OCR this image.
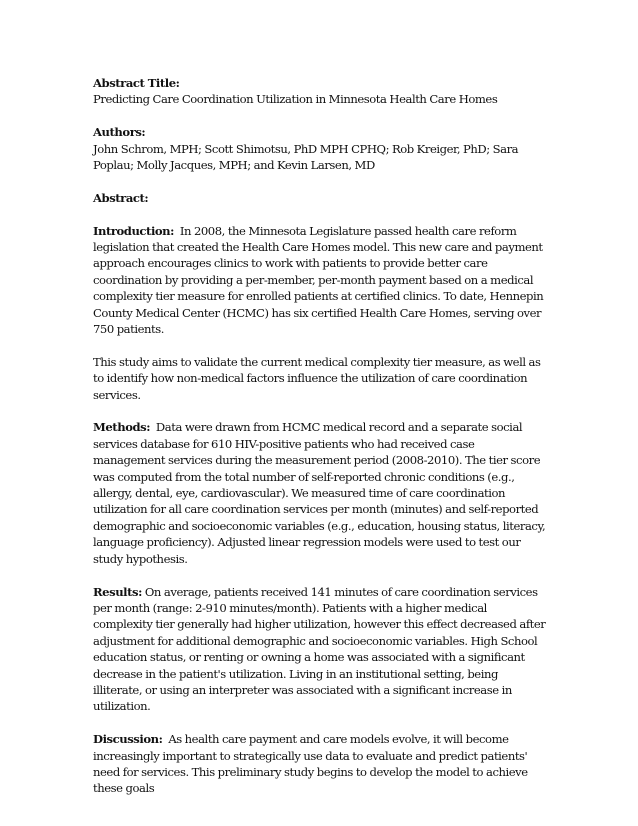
Abstract Title:

Predicting Care Coordination Utilization in Minnesota Health Care Homes

Authors:

John Schrom, MPH; Scott Shimotsu, PhD MPH CPHQ; Rob Kreiger, PhD; Sara Poplau; Molly Jacques, MPH; and Kevin Larsen, MD

Abstract:

Introduction: In 2008, the Minnesota Legislature passed health care reform legislation that created the Health Care Homes model. This new care and payment approach encourages clinics to work with patients to provide better care coordination by providing a per-member, per-month payment based on a medical complexity tier measure for enrolled patients at certified clinics. To date, Hennepin County Medical Center (HCMC) has six certified Health Care Homes, serving over 750 patients.

This study aims to validate the current medical complexity tier measure, as well as to identify how non-medical factors influence the utilization of care coordination services.

Methods: Data were drawn from HCMC medical record and a separate social services database for 610 HIV-positive patients who had received case management services during the measurement period (2008-2010). The tier score was computed from the total number of self-reported chronic conditions (e.g., allergy, dental, eye, cardiovascular). We measured time of care coordination utilization for all care coordination services per month (minutes) and self-reported demographic and socioeconomic variables (e.g., education, housing status, literacy, language proficiency). Adjusted linear regression models were used to test our study hypothesis.

Results: On average, patients received 141 minutes of care coordination services per month (range: 2-910 minutes/month). Patients with a higher medical complexity tier generally had higher utilization, however this effect decreased after adjustment for additional demographic and socioeconomic variables. High School education status, or renting or owning a home was associated with a significant decrease in the patient's utilization. Living in an institutional setting, being illiterate, or using an interpreter was associated with a significant increase in utilization.

Discussion: As health care payment and care models evolve, it will become increasingly important to strategically use data to evaluate and predict patients' need for services. This preliminary study begins to develop the model to achieve these goals
